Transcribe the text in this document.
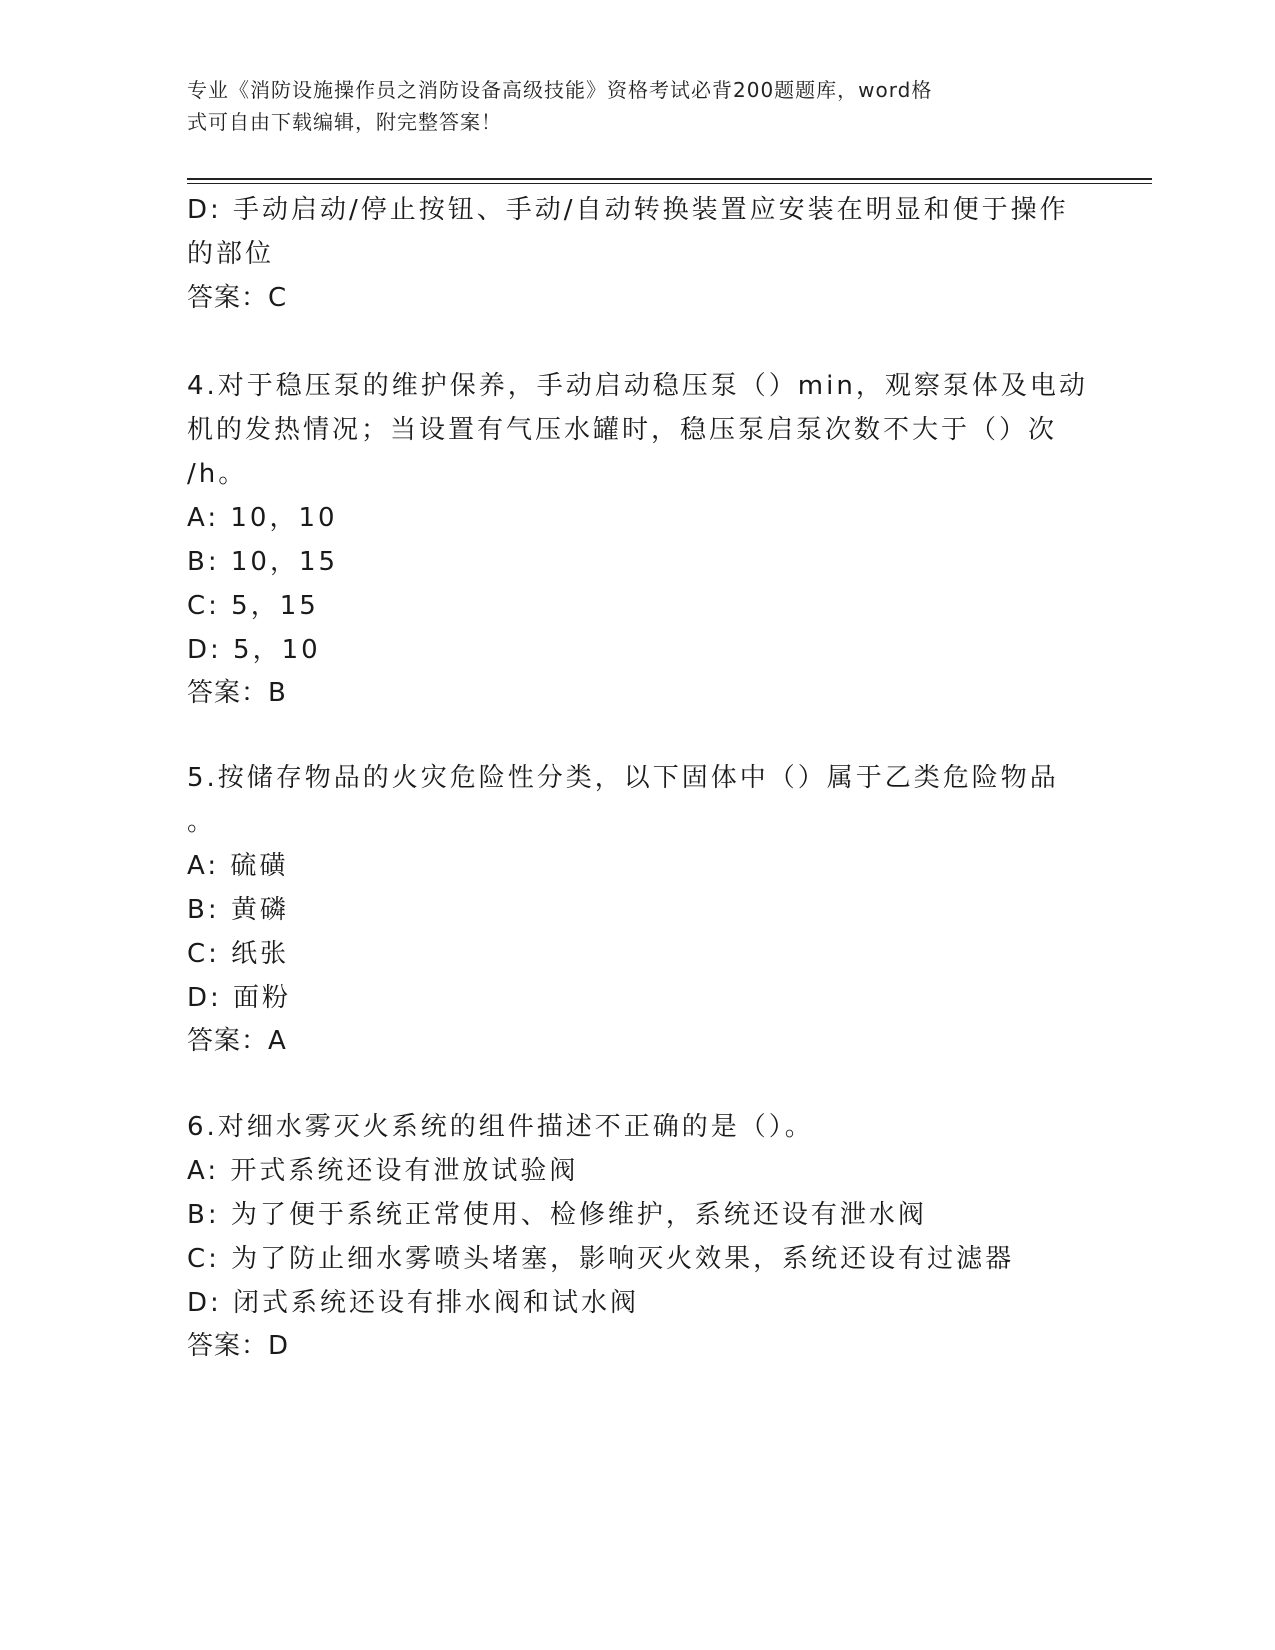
专业《消防设施操作员之消防设备高级技能》资格考试必背200题题库，word格
式可自由下载编辑，附完整答案！
D: 手动启动/停止按钮、手动/自动转换装置应安装在明显和便于操作
的部位
答案：C
4.对于稳压泵的维护保养，手动启动稳压泵（）min，观察泵体及电动
机的发热情况；当设置有气压水罐时，稳压泵启泵次数不大于（）次
/h。
A: 10，10
B: 10，15
C: 5，15
D: 5，10
答案：B
5.按储存物品的火灾危险性分类，以下固体中（）属于乙类危险物品
。
A: 硫磺
B: 黄磷
C: 纸张
D: 面粉
答案：A
6.对细水雾灭火系统的组件描述不正确的是（）。
A: 开式系统还设有泄放试验阀
B: 为了便于系统正常使用、检修维护，系统还设有泄水阀
C: 为了防止细水雾喷头堵塞，影响灭火效果，系统还设有过滤器
D: 闭式系统还设有排水阀和试水阀
答案：D
